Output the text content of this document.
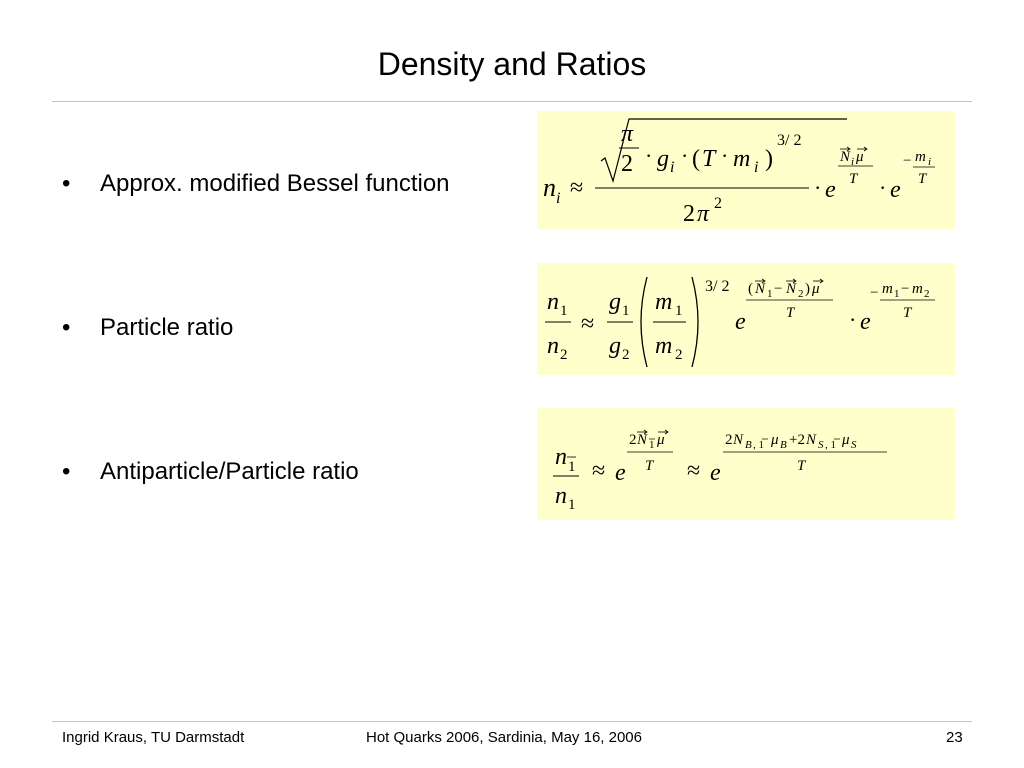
Density and Ratios
• Approx. modified Bessel function
• Particle ratio
• Antiparticle/Particle ratio
n i ≈
π
2 · g i · ( T · m i )
3/ 2
2 π 2
· e
N i μ
T · e
− m i
T
n 1
n 2
≈
g 1
g 2
m 1
m 2
3/ 2
e
( N 1 − N 2 ) μ
T · e
− m 1 − m 2
T
n 1
n 1
≈ e
2 N 1 μ
T ≈ e
2 N B , 1 μ B +2 N S , 1 μ S
T
Ingrid Kraus, TU Darmstadt	Hot Quarks 2006, Sardinia, May 16, 2006	23
